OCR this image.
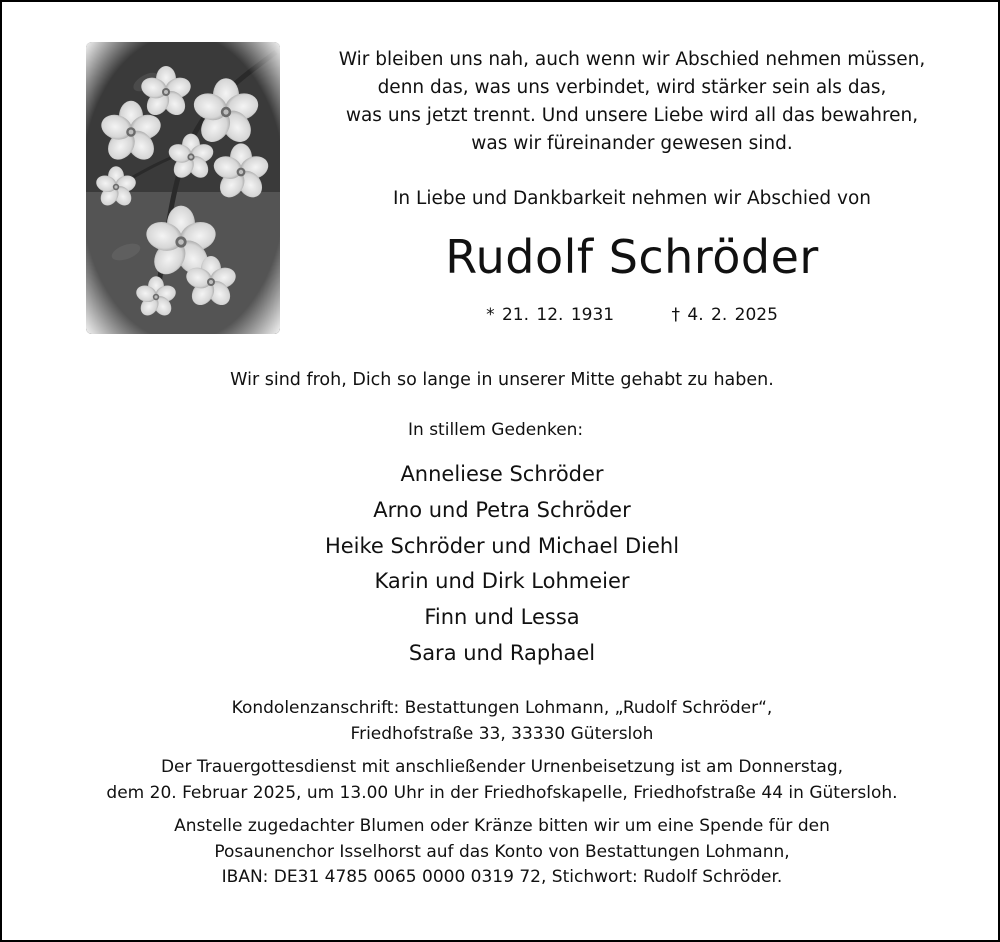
Wir bleiben uns nah, auch wenn wir Abschied nehmen müssen,
denn das, was uns verbindet, wird stärker sein als das,
was uns jetzt trennt. Und unsere Liebe wird all das bewahren,
was wir füreinander gewesen sind.
In Liebe und Dankbarkeit nehmen wir Abschied von
Rudolf Schröder
* 21. 12. 1931	† 4. 2. 2025
Wir sind froh, Dich so lange in unserer Mitte gehabt zu haben.
In stillem Gedenken:
Anneliese Schröder
Arno und Petra Schröder
Heike Schröder und Michael Diehl
Karin und Dirk Lohmeier
Finn und Lessa
Sara und Raphael

Kondolenzanschrift: Bestattungen Lohmann, „Rudolf Schröder“,

Friedhofstraße 33, 33330 Gütersloh

Der Trauergottesdienst mit anschließender Urnenbeisetzung ist am Donnerstag,

dem 20. Februar 2025, um 13.00 Uhr in der Friedhofskapelle, Friedhofstraße 44 in Gütersloh.

Anstelle zugedachter Blumen oder Kränze bitten wir um eine Spende für den

Posaunenchor Isselhorst auf das Konto von Bestattungen Lohmann,

IBAN: DE31 4785 0065 0000 0319 72, Stichwort: Rudolf Schröder.
